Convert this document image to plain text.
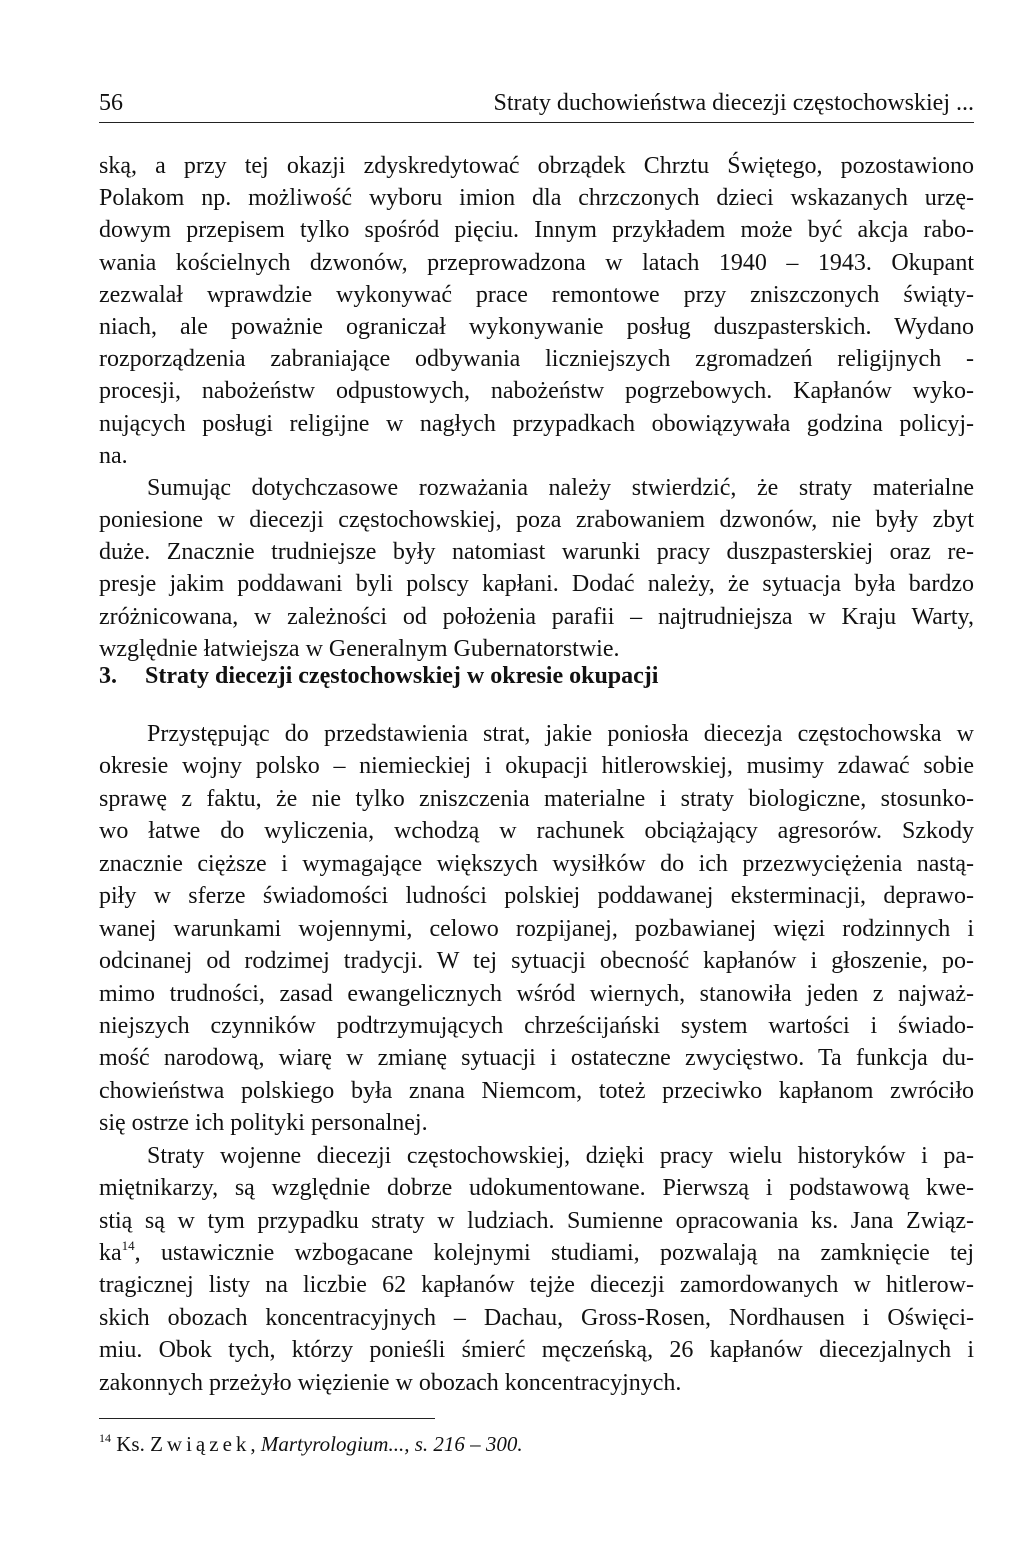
56	Straty duchowieństwa diecezji częstochowskiej ...
ską, a przy tej okazji zdyskredytować obrządek Chrztu Świętego, pozostawiono
Polakom np. możliwość wyboru imion dla chrzczonych dzieci wskazanych urzę-
dowym przepisem tylko spośród pięciu. Innym przykładem może być akcja rabo-
wania kościelnych dzwonów, przeprowadzona w latach 1940 – 1943. Okupant
zezwalał wprawdzie wykonywać prace remontowe przy zniszczonych świąty-
niach, ale poważnie ograniczał wykonywanie posług duszpasterskich. Wydano
rozporządzenia zabraniające odbywania liczniejszych zgromadzeń religijnych -
procesji, nabożeństw odpustowych, nabożeństw pogrzebowych. Kapłanów wyko-
nujących posługi religijne w nagłych przypadkach obowiązywała godzina policyj-
na.
Sumując dotychczasowe rozważania należy stwierdzić, że straty materialne
poniesione w diecezji częstochowskiej, poza zrabowaniem dzwonów, nie były zbyt
duże. Znacznie trudniejsze były natomiast warunki pracy duszpasterskiej oraz re-
presje jakim poddawani byli polscy kapłani. Dodać należy, że sytuacja była bardzo
zróżnicowana, w zależności od położenia parafii – najtrudniejsza w Kraju Warty,
względnie łatwiejsza w Generalnym Gubernatorstwie.
3. Straty diecezji częstochowskiej w okresie okupacji
Przystępując do przedstawienia strat, jakie poniosła diecezja częstochowska w
okresie wojny polsko – niemieckiej i okupacji hitlerowskiej, musimy zdawać sobie
sprawę z faktu, że nie tylko zniszczenia materialne i straty biologiczne, stosunko-
wo łatwe do wyliczenia, wchodzą w rachunek obciążający agresorów. Szkody
znacznie cięższe i wymagające większych wysiłków do ich przezwyciężenia nastą-
piły w sferze świadomości ludności polskiej poddawanej eksterminacji, deprawo-
wanej warunkami wojennymi, celowo rozpijanej, pozbawianej więzi rodzinnych i
odcinanej od rodzimej tradycji. W tej sytuacji obecność kapłanów i głoszenie, po-
mimo trudności, zasad ewangelicznych wśród wiernych, stanowiła jeden z najważ-
niejszych czynników podtrzymujących chrześcijański system wartości i świado-
mość narodową, wiarę w zmianę sytuacji i ostateczne zwycięstwo. Ta funkcja du-
chowieństwa polskiego była znana Niemcom, toteż przeciwko kapłanom zwróciło
się ostrze ich polityki personalnej.
Straty wojenne diecezji częstochowskiej, dzięki pracy wielu historyków i pa-
miętnikarzy, są względnie dobrze udokumentowane. Pierwszą i podstawową kwe-
stią są w tym przypadku straty w ludziach. Sumienne opracowania ks. Jana Związ-
$ka^{14}$, ustawicznie wzbogacane kolejnymi studiami, pozwalają na zamknięcie tej
tragicznej listy na liczbie 62 kapłanów tejże diecezji zamordowanych w hitlerow-
skich obozach koncentracyjnych – Dachau, Gross-Rosen, Nordhausen i Oświęci-
miu. Obok tych, którzy ponieśli śmierć męczeńską, 26 kapłanów diecezjalnych i
zakonnych przeżyło więzienie w obozach koncentracyjnych.
$^{14}$ Ks. Związek, Martyrologium..., s. 216 – 300.
